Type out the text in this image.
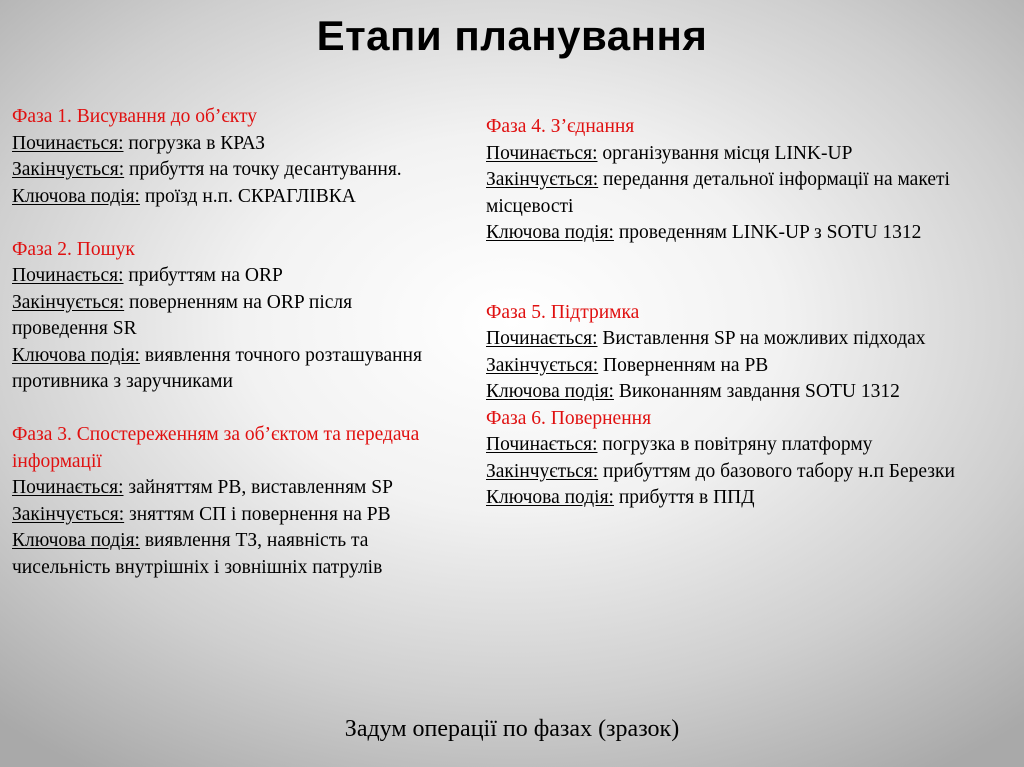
Етапи планування
Фаза 1. Висування до об’єкту
Починається: погрузка в КРАЗ
Закінчується: прибуття на точку десантування.
Ключова подія: проїзд н.п. СКРАГЛІВКА
Фаза 2. Пошук
Починається: прибуттям на ORP
Закінчується: поверненням на ORP після проведення SR
Ключова подія: виявлення точного розташування противника з заручниками
Фаза 3. Спостереженням за об’єктом та передача інформації
Починається: зайняттям РВ, виставленням SP
Закінчується: зняттям СП і повернення на РВ
Ключова подія: виявлення ТЗ, наявність та чисельність внутрішніх і зовнішніх патрулів
Фаза 4. З’єднання
Починається: організування місця LINK-UP
Закінчується: передання детальної інформації на макеті місцевості
Ключова подія: проведенням LINK-UP з SOTU 1312
Фаза 5. Підтримка
Починається: Виставлення SP на можливих підходах
Закінчується: Поверненням на РВ
Ключова подія: Виконанням завдання SOTU 1312
Фаза 6. Повернення
Починається: погрузка в повітряну платформу
Закінчується: прибуттям до базового табору н.п Березки
Ключова подія: прибуття в ППД
Задум операції по фазах (зразок)
